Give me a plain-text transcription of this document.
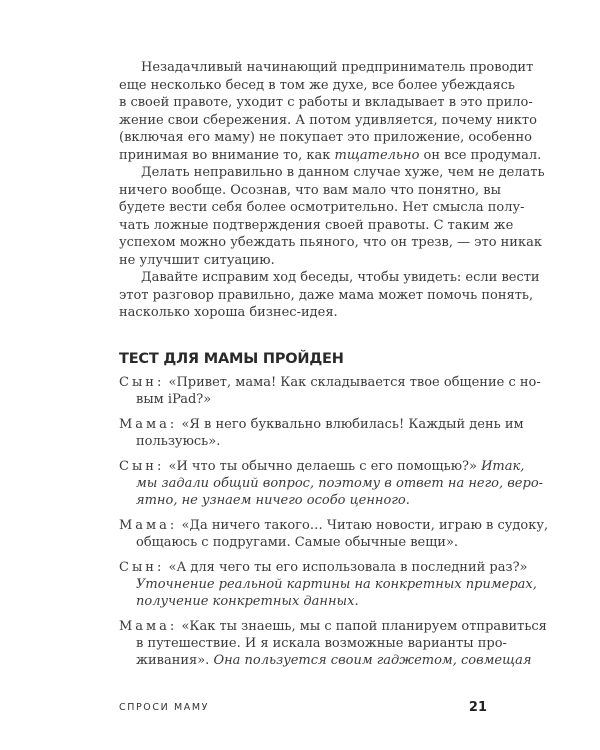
Незадачливый начинающий предприниматель проводит
еще несколько бесед в том же духе, все более убеждаясь
в своей правоте, уходит с работы и вкладывает в это прило-
жение свои сбережения. А потом удивляется, почему никто
(включая его маму) не покупает это приложение, особенно
принимая во внимание то, как тщательно он все продумал.
Делать неправильно в данном случае хуже, чем не делать
ничего вообще. Осознав, что вам мало что понятно, вы
будете вести себя более осмотрительно. Нет смысла полу-
чать ложные подтверждения своей правоты. С таким же
успехом можно убеждать пьяного, что он трезв, — это никак
не улучшит ситуацию.
Давайте исправим ход беседы, чтобы увидеть: если вести
этот разговор правильно, даже мама может помочь понять,
насколько хороша бизнес-идея.
ТЕСТ ДЛЯ МАМЫ ПРОЙДЕН
Сын: «Привет, мама! Как складывается твое общение с но-
вым iPad?»
Мама: «Я в него буквально влюбилась! Каждый день им
пользуюсь».
Сын: «И что ты обычно делаешь с его помощью?» Итак,
мы задали общий вопрос, поэтому в ответ на него, веро-
ятно, не узнаем ничего особо ценного.
Мама: «Да ничего такого… Читаю новости, играю в судоку,
общаюсь с подругами. Самые обычные вещи».
Сын: «А для чего ты его использовала в последний раз?»
Уточнение реальной картины на конкретных примерах,
получение конкретных данных.
Мама: «Как ты знаешь, мы с папой планируем отправиться
в путешествие. И я искала возможные варианты про-
живания». Она пользуется своим гаджетом, совмещая
СПРОСИ МАМУ	21
